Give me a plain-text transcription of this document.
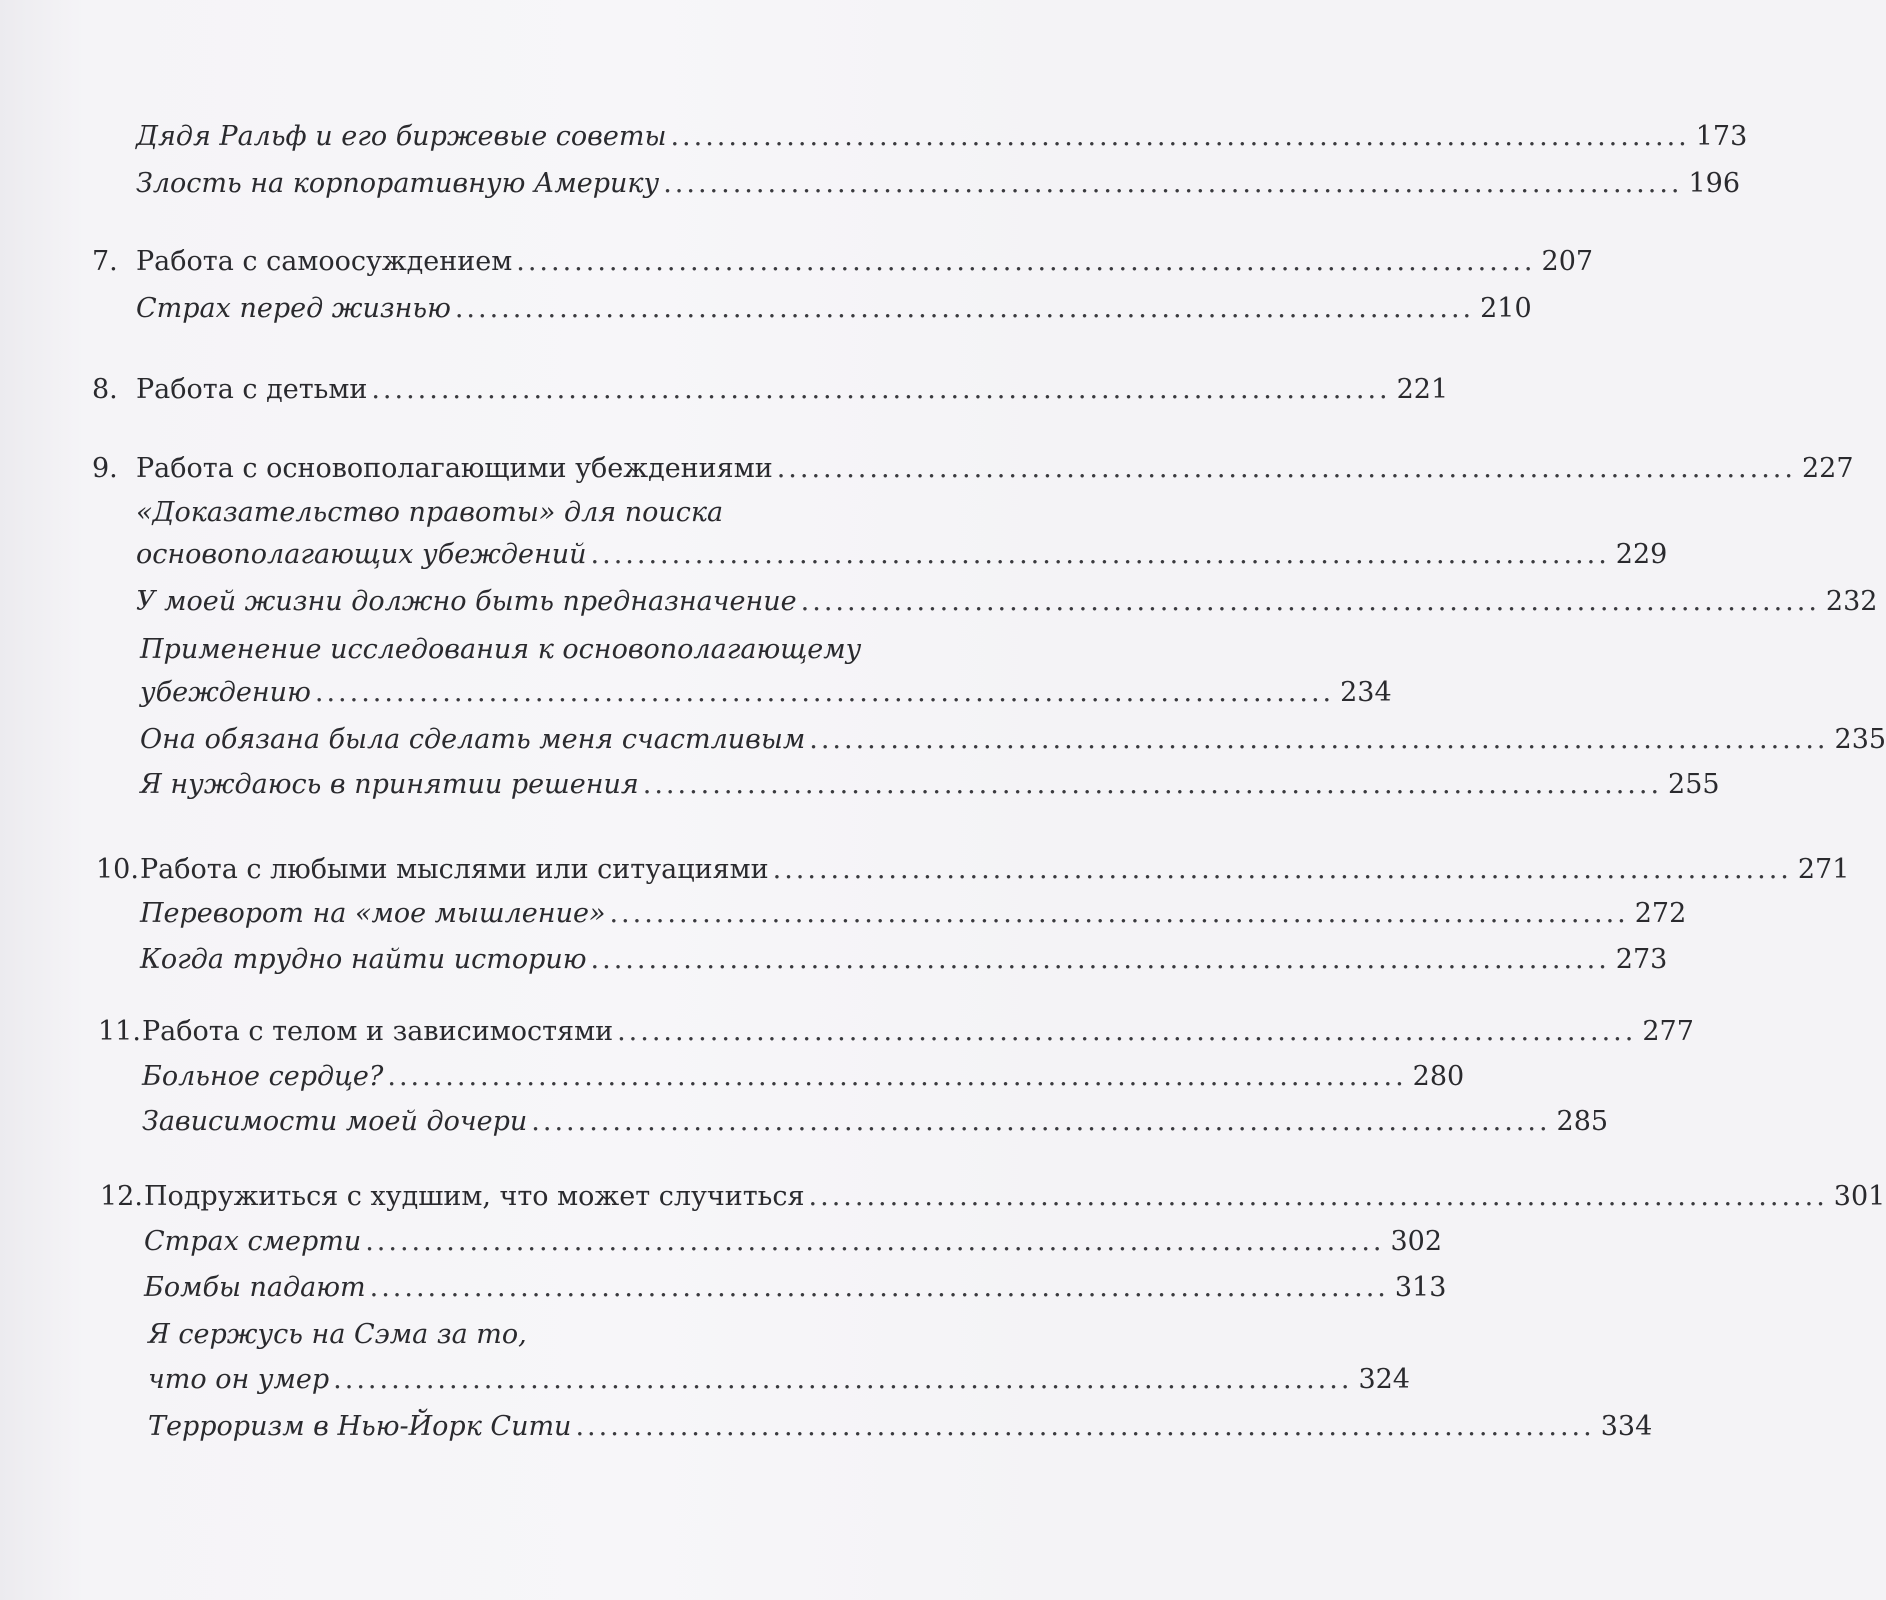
Дядя Ральф и его биржевые советы ........................................................................................ 173
Злость на корпоративную Америку ........................................................................................ 196
7. Работа с самоосуждением ........................................................................................ 207
Страх перед жизнью ........................................................................................ 210
8. Работа с детьми ........................................................................................ 221
9. Работа с основополагающими убеждениями ........................................................................................ 227
«Доказательство правоты» для поиска
основополагающих убеждений ........................................................................................ 229
У моей жизни должно быть предназначение ........................................................................................ 232
Применение исследования к основополагающему
убеждению ........................................................................................ 234
Она обязана была сделать меня счастливым ........................................................................................ 235
Я нуждаюсь в принятии решения ........................................................................................ 255
10. Работа с любыми мыслями или ситуациями ........................................................................................ 271
Переворот на «мое мышление» ........................................................................................ 272
Когда трудно найти историю ........................................................................................ 273
11. Работа с телом и зависимостями ........................................................................................ 277
Больное сердце? ........................................................................................ 280
Зависимости моей дочери ........................................................................................ 285
12. Подружиться с худшим, что может случиться ........................................................................................ 301
Страх смерти ........................................................................................ 302
Бомбы падают ........................................................................................ 313
Я сержусь на Сэма за то,
что он умер ........................................................................................ 324
Терроризм в Нью-Йорк Сити ........................................................................................ 334
